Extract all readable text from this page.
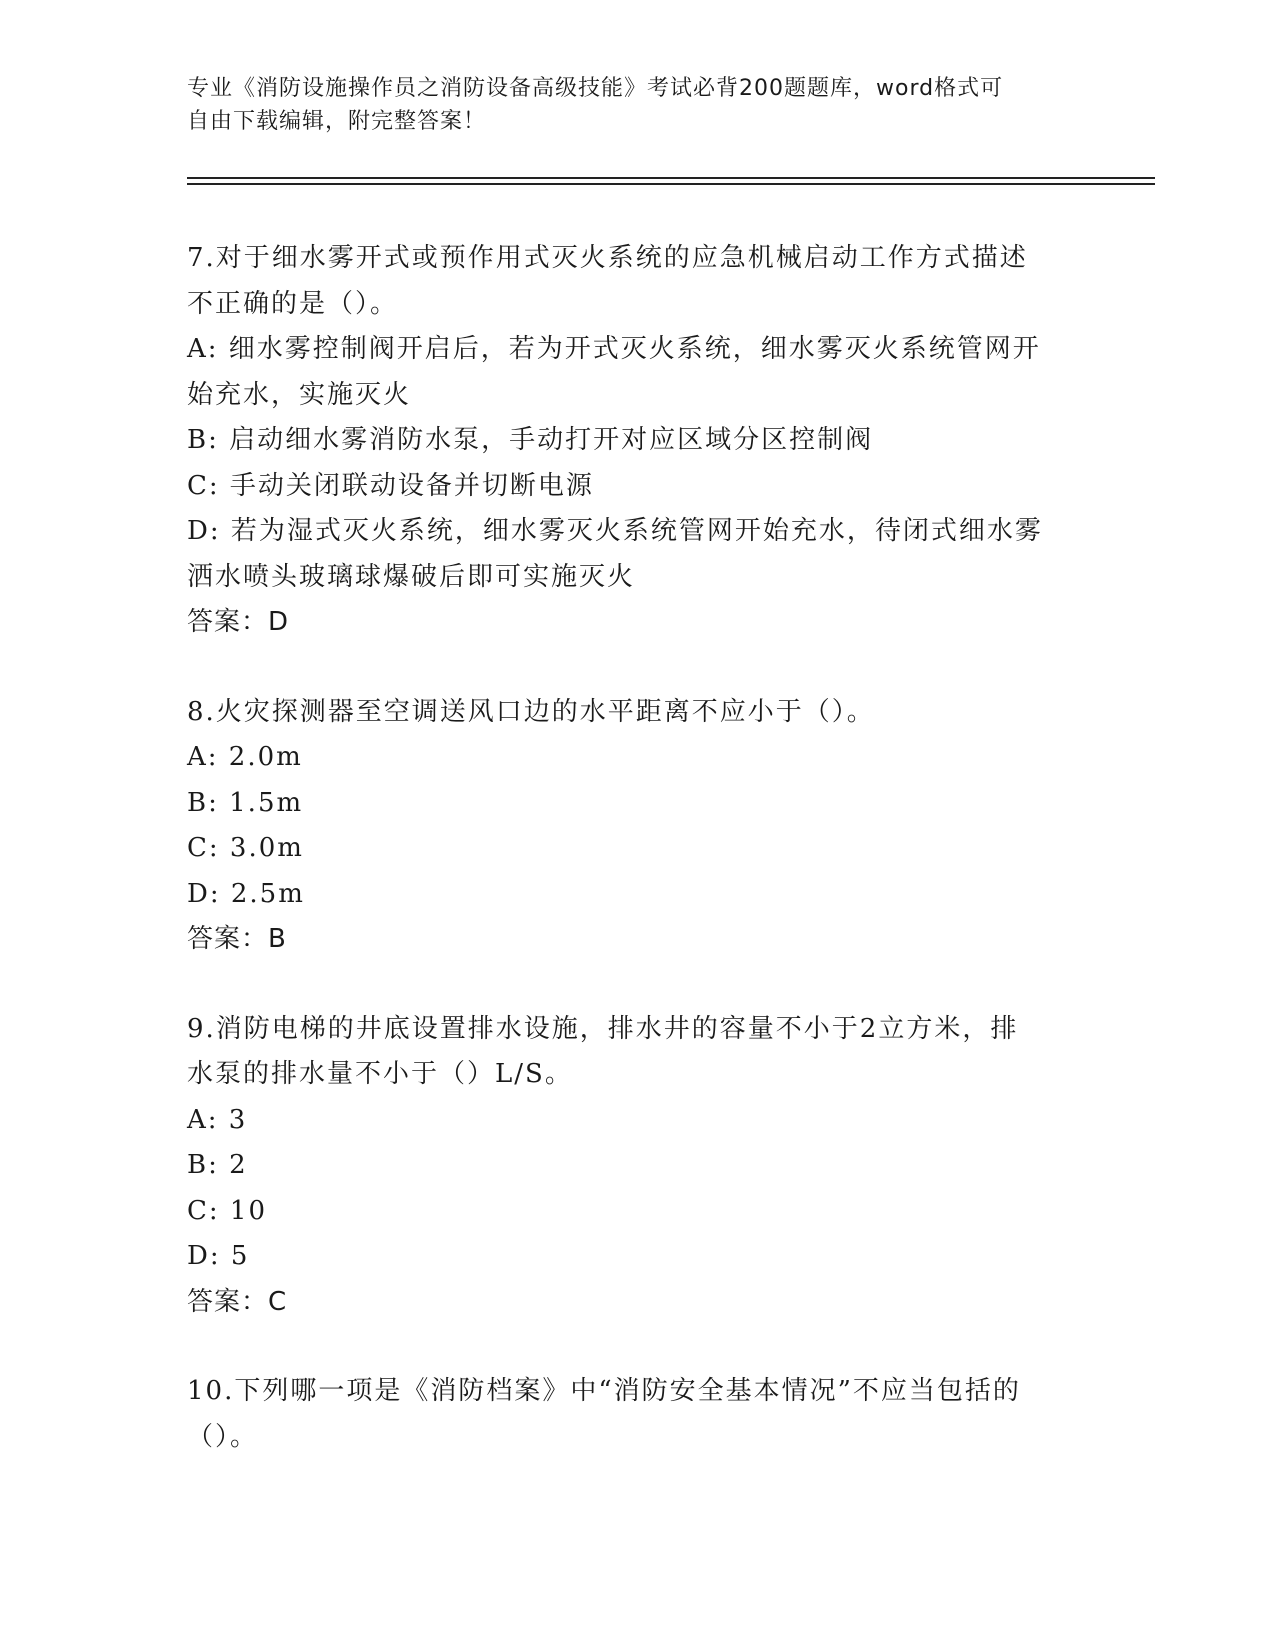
专业《消防设施操作员之消防设备高级技能》考试必背200题题库，word格式可
自由下载编辑，附完整答案！
7.对于细水雾开式或预作用式灭火系统的应急机械启动工作方式描述
不正确的是（）。
A: 细水雾控制阀开启后，若为开式灭火系统，细水雾灭火系统管网开
始充水，实施灭火
B: 启动细水雾消防水泵，手动打开对应区域分区控制阀
C: 手动关闭联动设备并切断电源
D: 若为湿式灭火系统，细水雾灭火系统管网开始充水，待闭式细水雾
洒水喷头玻璃球爆破后即可实施灭火
答案：D
8.火灾探测器至空调送风口边的水平距离不应小于（）。
A: 2.0m
B: 1.5m
C: 3.0m
D: 2.5m
答案：B
9.消防电梯的井底设置排水设施，排水井的容量不小于2立方米，排
水泵的排水量不小于（）L/S。
A: 3
B: 2
C: 10
D: 5
答案：C
10.下列哪一项是《消防档案》中“消防安全基本情况”不应当包括的
（）。
